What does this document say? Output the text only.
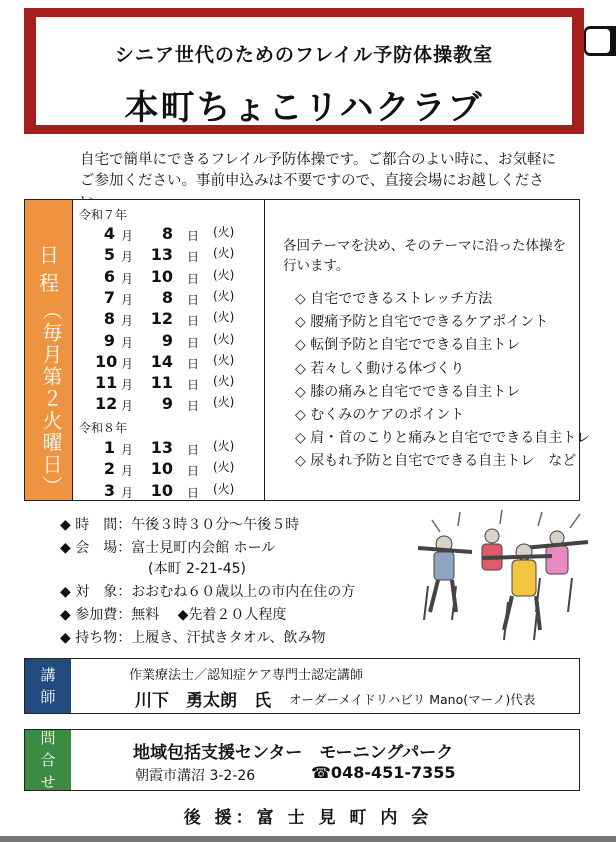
シニア世代のためのフレイル予防体操教室
本町ちょこリハクラブ
自宅で簡単にできるフレイル予防体操です。ご都合のよい時に、お気軽に
ご参加ください。事前申込みは不要ですので、直接会場にお越しくださ
日
程
（毎月第２火曜日）
令和７年
4 月	8 日 (火)
5 月 13 日 (火)
6 月 10 日 (火)
7 月	8 日 (火)
8 月 12 日 (火)
9 月	9 日 (火)
10 月 14 日 (火)
11 月 11 日 (火)
12 月	9 日 (火)
令和８年
1 月 13 日 (火)
2 月 10 日 (火)
3 月 10 日 (火)
各回テーマを決め、そのテーマに沿った体操を
行います。
◇ 自宅でできるストレッチ方法
◇ 腰痛予防と自宅でできるケアポイント
◇ 転倒予防と自宅でできる自主トレ
◇ 若々しく動ける体づくり
◇ 膝の痛みと自宅でできる自主トレ
◇ むくみのケアのポイント
◇ 肩・首のこりと痛みと自宅でできる自主トレ
◇ 尿もれ予防と自宅でできる自主トレ　など
◆ 時　間：午後３時３０分～午後５時
◆ 会　場：富士見町内会館 ホール
(本町 2-21-45)
◆ 対　象：おおむね６０歳以上の市内在住の方
◆ 参加費：無料　 ◆先着２０人程度
◆ 持ち物：上履き、汗拭きタオル、飲み物
講
師
作業療法士／認知症ケア専門士認定講師
川下　勇太朗　氏 オーダーメイドリハビリ Mano(マーノ)代表
問
合
せ
地域包括支援センター　モーニングパーク
朝霞市溝沼 3-2-26	☎048-451-7355
後 援：富 士 見 町 内 会
